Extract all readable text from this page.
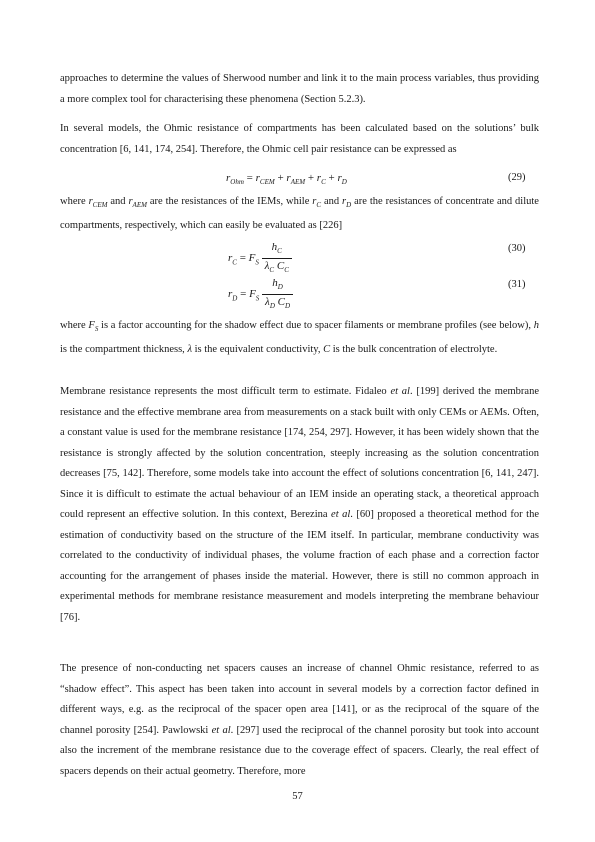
approaches to determine the values of Sherwood number and link it to the main process variables, thus providing a more complex tool for characterising these phenomena (Section 5.2.3).

In several models, the Ohmic resistance of compartments has been calculated based on the solutions’ bulk concentration [6, 141, 174, 254]. Therefore, the Ohmic cell pair resistance can be expressed as

$r_{Ohm} = r_{CEM} + r_{AEM} + r_C + r_D$	(29)

where $r_{CEM}$ and $r_{AEM}$ are the resistances of the IEMs, while $r_C$ and $r_D$ are the resistances of concentrate and dilute compartments, respectively, which can easily be evaluated as [226]

$r_C = F_S \frac{h_C}{\lambda_C C_C}$	(30)
$r_D = F_S \frac{h_D}{\lambda_D C_D}$	(31)

where $F_S$ is a factor accounting for the shadow effect due to spacer filaments or membrane profiles (see below), h is the compartment thickness, λ is the equivalent conductivity, C is the bulk concentration of electrolyte.

Membrane resistance represents the most difficult term to estimate. Fidaleo et al. [199] derived the membrane resistance and the effective membrane area from measurements on a stack built with only CEMs or AEMs. Often, a constant value is used for the membrane resistance [174, 254, 297]. However, it has been widely shown that the resistance is strongly affected by the solution concentration, steeply increasing as the solution concentration decreases [75, 142]. Therefore, some models take into account the effect of solutions concentration [6, 141, 247]. Since it is difficult to estimate the actual behaviour of an IEM inside an operating stack, a theoretical approach could represent an effective solution. In this context, Berezina et al. [60] proposed a theoretical method for the estimation of conductivity based on the structure of the IEM itself. In particular, membrane conductivity was correlated to the conductivity of individual phases, the volume fraction of each phase and a correction factor accounting for the arrangement of phases inside the material. However, there is still no common approach in experimental methods for membrane resistance measurement and models interpreting the membrane behaviour [76].

The presence of non-conducting net spacers causes an increase of channel Ohmic resistance, referred to as “shadow effect”. This aspect has been taken into account in several models by a correction factor defined in different ways, e.g. as the reciprocal of the spacer open area [141], or as the reciprocal of the square of the channel porosity [254]. Pawlowski et al. [297] used the reciprocal of the channel porosity but took into account also the increment of the membrane resistance due to the coverage effect of spacers. Clearly, the real effect of spacers depends on their actual geometry. Therefore, more

57
